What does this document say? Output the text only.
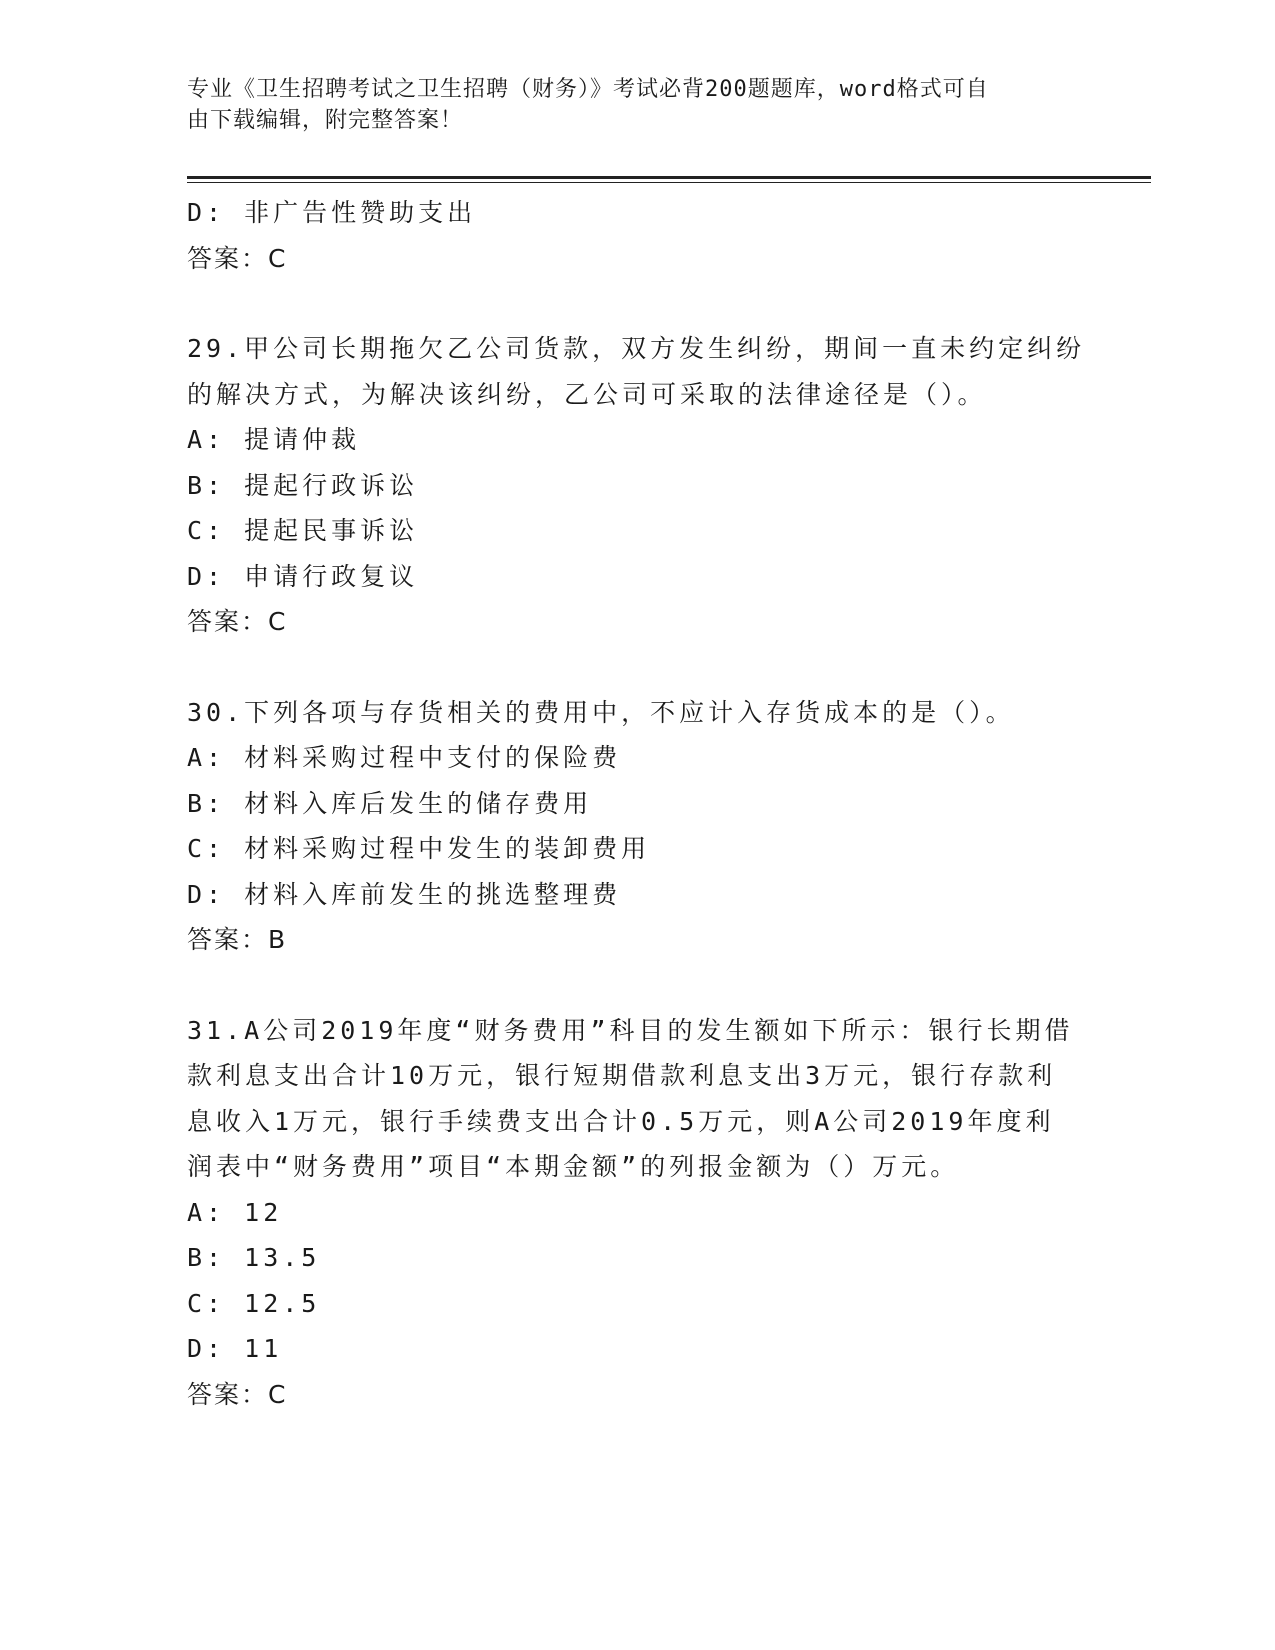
专业《卫生招聘考试之卫生招聘（财务）》考试必背200题题库，word格式可自
由下载编辑，附完整答案！
D: 非广告性赞助支出
答案：C
29.甲公司长期拖欠乙公司货款，双方发生纠纷，期间一直未约定纠纷
的解决方式，为解决该纠纷，乙公司可采取的法律途径是（）。
A: 提请仲裁
B: 提起行政诉讼
C: 提起民事诉讼
D: 申请行政复议
答案：C
30.下列各项与存货相关的费用中，不应计入存货成本的是（）。
A: 材料采购过程中支付的保险费
B: 材料入库后发生的储存费用
C: 材料采购过程中发生的装卸费用
D: 材料入库前发生的挑选整理费
答案：B
31.A公司2019年度“财务费用”科目的发生额如下所示：银行长期借
款利息支出合计10万元，银行短期借款利息支出3万元，银行存款利
息收入1万元，银行手续费支出合计0.5万元，则A公司2019年度利
润表中“财务费用”项目“本期金额”的列报金额为（）万元。
A: 12
B: 13.5
C: 12.5
D: 11
答案：C
